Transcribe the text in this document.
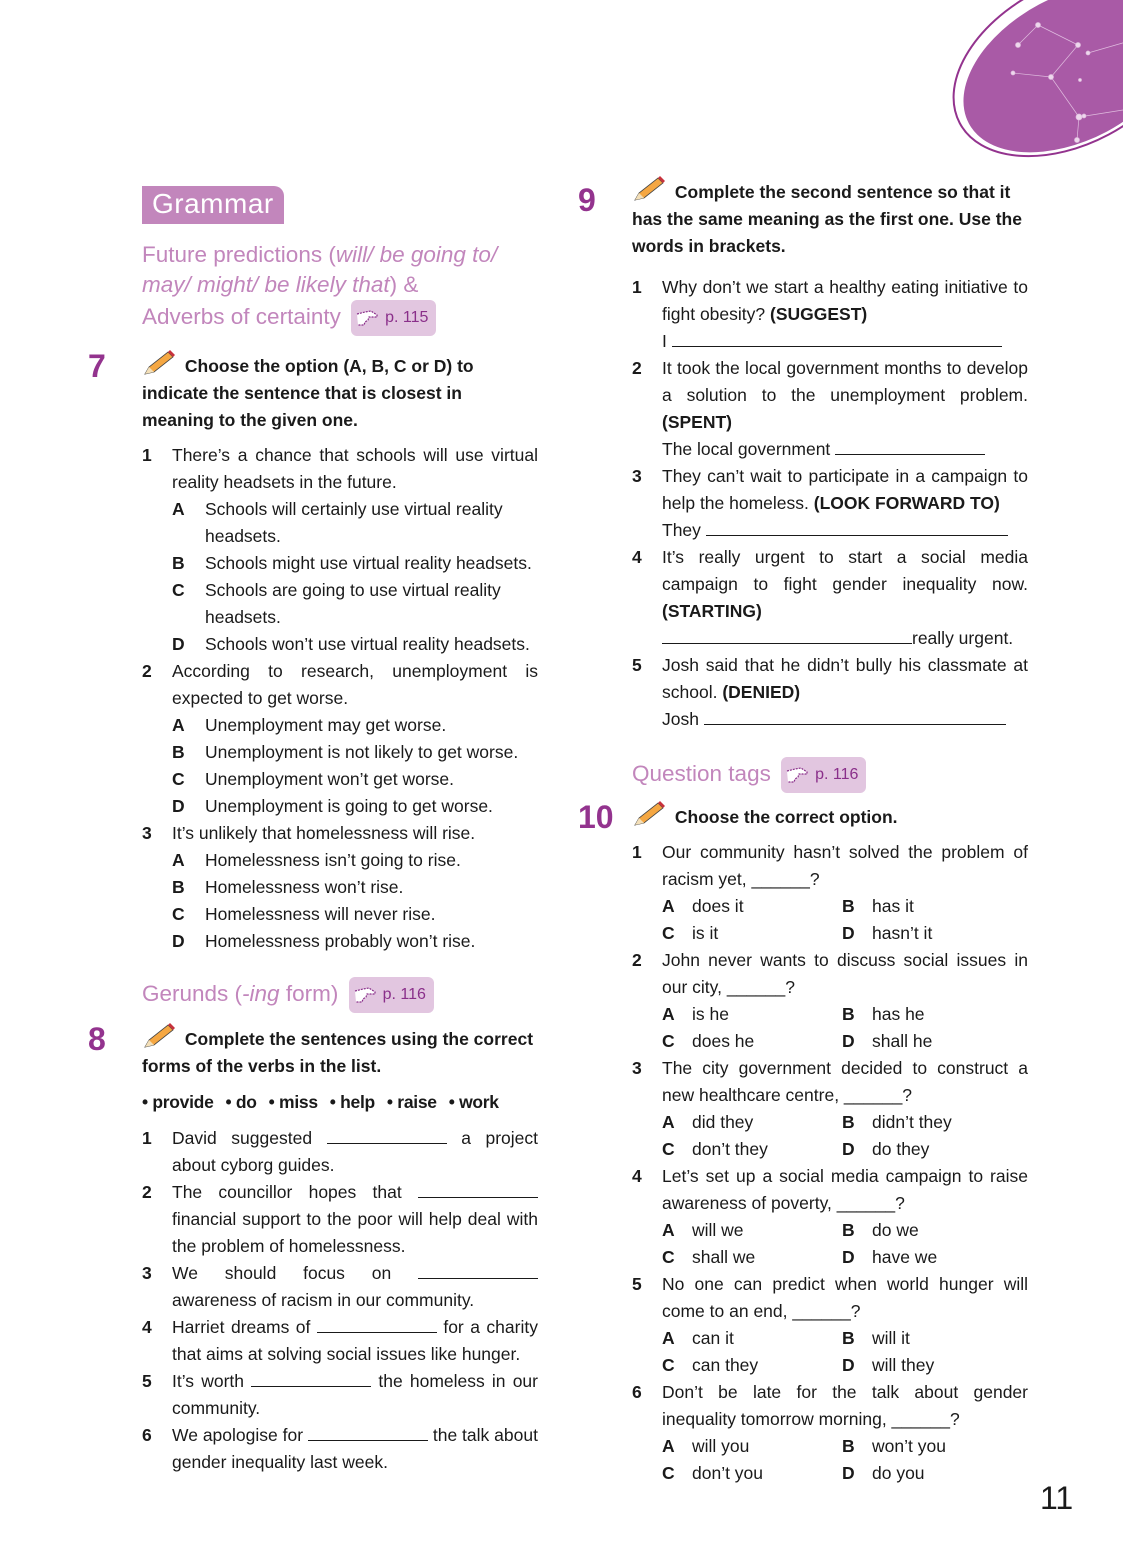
Grammar
Future predictions (will/ be going to/ may/ might/ be likely that) &
Adverbs of certainty	p. 115
7	Choose the option (A, B, C or D) to indicate the sentence that is closest in meaning to the given one.
1	There’s a chance that schools will use virtual reality headsets in the future.
A	Schools will certainly use virtual reality headsets.
B	Schools might use virtual reality headsets.
C	Schools are going to use virtual reality headsets.
D	Schools won’t use virtual reality headsets.
2	According to research, unemployment is expected to get worse.
A	Unemployment may get worse.
B	Unemployment is not likely to get worse.
C	Unemployment won’t get worse.
D	Unemployment is going to get worse.
3	It’s unlikely that homelessness will rise.
A	Homelessness isn’t going to rise.
B	Homelessness won’t rise.
C	Homelessness will never rise.
D	Homelessness probably won’t rise.
Gerunds (-ing form)	p. 116
8	Complete the sentences using the correct forms of the verbs in the list.
• provide • do • miss • help • raise • work
1	David suggested	a project about cyborg guides.
2	The councillor hopes that  financial support to the poor will help deal with the problem of homelessness.
3	We should focus on  awareness of racism in our community.
4	Harriet dreams of	for a charity that aims at solving social issues like hunger.
5	It’s worth	the homeless in our community.
6	We apologise for	the talk about gender inequality last week.
9	Complete the second sentence so that it has the same meaning as the first one. Use the words in brackets.
1	Why don’t we start a healthy eating initiative to fight obesity? (SUGGEST)
I
2	It took the local government months to develop a solution to the unemployment problem. (SPENT)
The local government
3	They can’t wait to participate in a campaign to help the homeless. (LOOK FORWARD TO)
They
4	It’s really urgent to start a social media campaign to fight gender inequality now. (STARTING)
really urgent.
5	Josh said that he didn’t bully his classmate at school. (DENIED)
Josh
Question tags	p. 116
10	Choose the correct option.
1	Our community hasn’t solved the problem of racism yet, ______?
A does it	B has it
C is it	D hasn’t it
2	John never wants to discuss social issues in our city, ______?
A is he	B has he
C does he	D shall he
3	The city government decided to construct a new healthcare centre, ______?
A did they	B didn’t they
C don’t they	D do they
4	Let’s set up a social media campaign to raise awareness of poverty, ______?
A will we	B do we
C shall we	D have we
5	No one can predict when world hunger will come to an end, ______?
A can it	B will it
C can they	D will they
6	Don’t be late for the talk about gender inequality tomorrow morning, ______?
A will you	B won’t you
C don’t you	D do you
11
